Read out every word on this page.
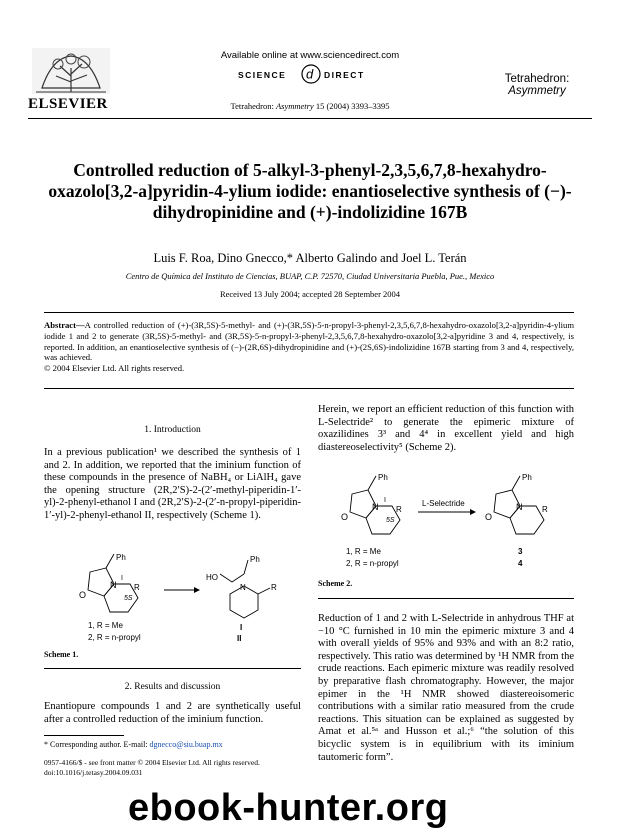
ELSEVIER
Available online at www.sciencedirect.com
SCIENCE d DIRECT
Tetrahedron: Asymmetry 15 (2004) 3393–3395
Tetrahedron:
Asymmetry
Controlled reduction of 5-alkyl-3-phenyl-2,3,5,6,7,8-hexahydro-oxazolo[3,2-a]pyridin-4-ylium iodide: enantioselective synthesis of (−)-dihydropinidine and (+)-indolizidine 167B
Luis F. Roa, Dino Gnecco,* Alberto Galindo and Joel L. Terán
Centro de Química del Instituto de Ciencias, BUAP, C.P. 72570, Ciudad Universitaria Puebla, Pue., Mexico
Received 13 July 2004; accepted 28 September 2004
Abstract—A controlled reduction of (+)-(3R,5S)-5-methyl- and (+)-(3R,5S)-5-n-propyl-3-phenyl-2,3,5,6,7,8-hexahydro-oxazolo[3,2-a]pyridin-4-ylium iodide 1 and 2 to generate (3R,5S)-5-methyl- and (3R,5S)-5-n-propyl-3-phenyl-2,3,5,6,7,8-hexahydro-oxazolo[3,2-a]pyridine 3 and 4, respectively, is reported. In addition, an enantioselective synthesis of (−)-(2R,6S)-dihydropinidine and (+)-(2S,6S)-indolizidine 167B starting from 3 and 4, respectively, was achieved.
© 2004 Elsevier Ltd. All rights reserved.
1. Introduction
In a previous publication¹ we described the synthesis of 1 and 2. In addition, we reported that the iminium function of these compounds in the presence of NaBH₄ or LiAlH₄ gave the opening structure (2R,2′S)-2-(2′-methyl-piperidin-1′-yl)-2-phenyl-ethanol I and (2R,2′S)-2-(2′-n-propyl-piperidin-1′-yl)-2-phenyl-ethanol II, respectively (Scheme 1).
Ph
O
N
I
R
5S
1, R = Me
2, R = n-propyl
Ph
HO
N	R
I
II
Scheme 1.
2. Results and discussion
Enantiopure compounds 1 and 2 are synthetically useful after a controlled reduction of the iminium function.
* Corresponding author. E-mail: dgnecco@siu.buap.mx
0957-4166/$ - see front matter © 2004 Elsevier Ltd. All rights reserved.
doi:10.1016/j.tetasy.2004.09.031
Herein, we report an efficient reduction of this function with L-Selectride² to generate the epimeric mixture of oxazilidines 3³ and 4⁴ in excellent yield and high diastereoselectivity⁵ (Scheme 2).
Ph
O
N
I
R
5S
1, R = Me
2, R = n-propyl
L-Selectride
Ph
O
N R
3
4
Scheme 2.
Reduction of 1 and 2 with L-Selectride in anhydrous THF at −10 °C furnished in 10 min the epimeric mixture 3 and 4 with overall yields of 95% and 93% and with an 8:2 ratio, respectively. This ratio was determined by ¹H NMR from the crude reactions. Each epimeric mixture was readily resolved by preparative flash chromatography. However, the major epimer in the ¹H NMR showed diastereoisomeric contributions with a similar ratio measured from the crude reactions. This situation can be explained as suggested by Amat et al.⁵ᵃ and Husson et al.;⁶ “the solution of this bicyclic system is in equilibrium with its iminium tautomeric form”.
ebook-hunter.org
